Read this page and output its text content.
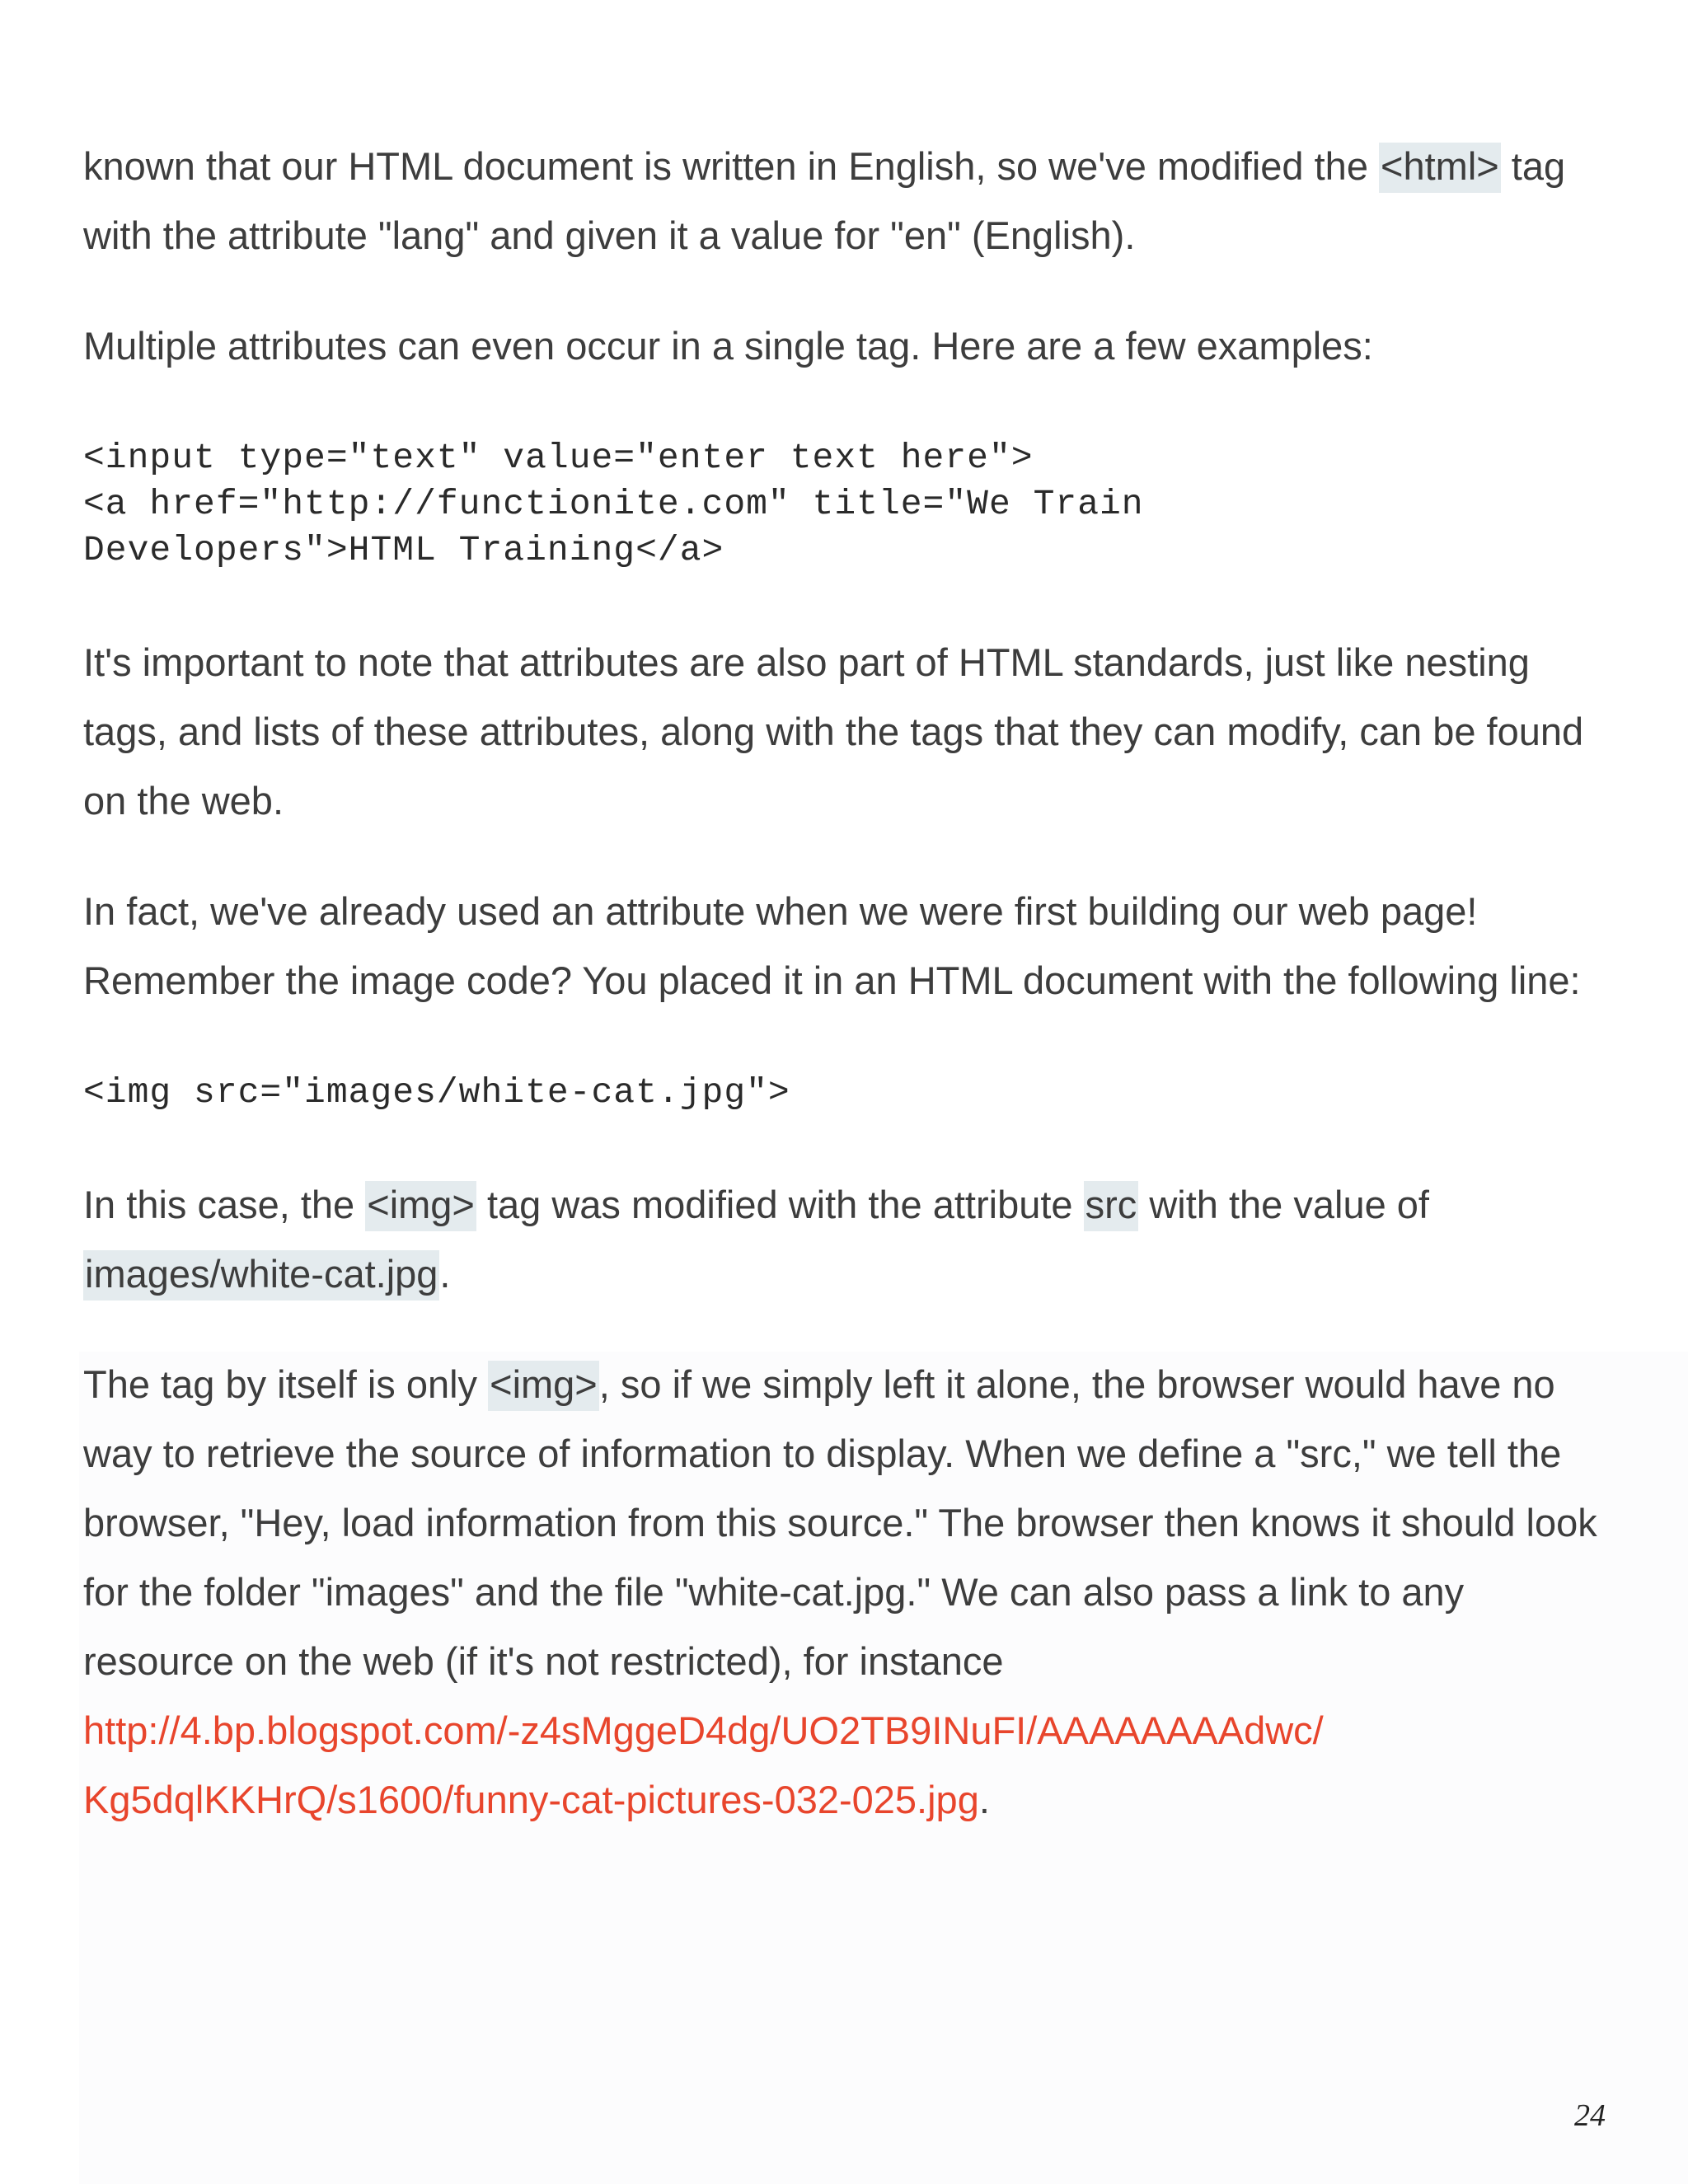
known that our HTML document is written in English, so we've modified the <html> tag with the attribute "lang" and given it a value for "en" (English).

Multiple attributes can even occur in a single tag. Here are a few examples:

<input type="text" value="enter text here">
<a href="http://functionite.com" title="We Train
Developers">HTML Training</a>

It's important to note that attributes are also part of HTML standards, just like nesting tags, and lists of these attributes, along with the tags that they can modify, can be found on the web.

In fact, we've already used an attribute when we were first building our web page! Remember the image code? You placed it in an HTML document with the following line:

<img src="images/white-cat.jpg">

In this case, the <img> tag was modified with the attribute src with the value of
images/white-cat.jpg.

The tag by itself is only <img>, so if we simply left it alone, the browser would have no way to retrieve the source of information to display. When we define a "src," we tell the browser, "Hey, load information from this source." The browser then knows it should look for the folder "images" and the file "white-cat.jpg." We can also pass a link to any resource on the web (if it's not restricted), for instance
http://4.bp.blogspot.com/-z4sMggeD4dg/UO2TB9INuFI/AAAAAAAAdwc/
Kg5dqlKKHrQ/s1600/funny-cat-pictures-032-025.jpg.

24
